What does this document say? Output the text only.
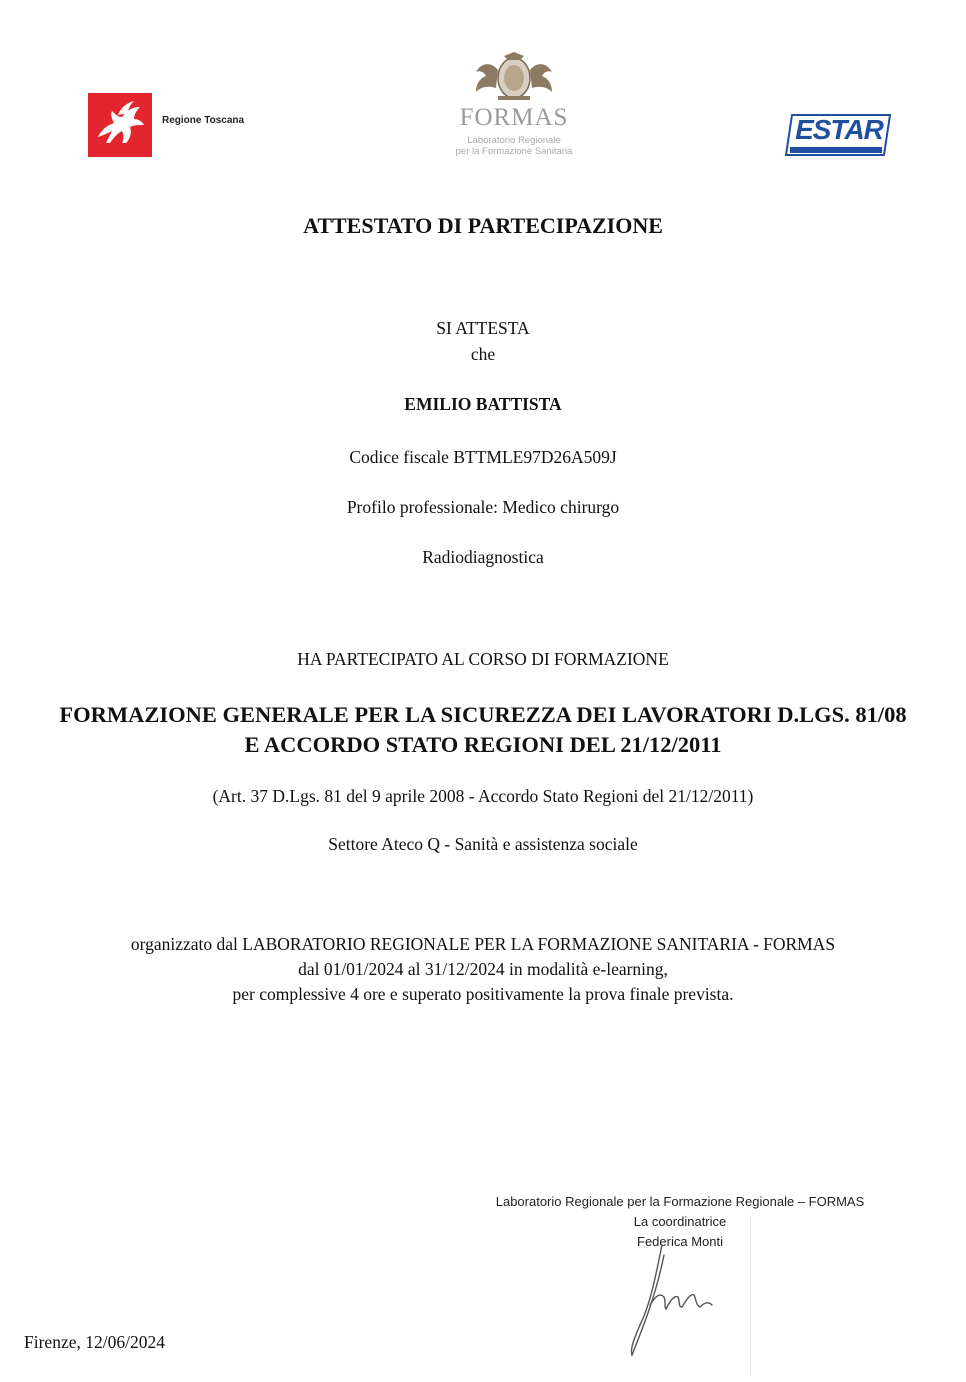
Regione Toscana	FORMAS
Laboratorio Regionale
per la Formazione Sanitaria
ESTAR
ATTESTATO DI PARTECIPAZIONE
SI ATTESTA
che
EMILIO BATTISTA
Codice fiscale BTTMLE97D26A509J
Profilo professionale: Medico chirurgo
Radiodiagnostica
HA PARTECIPATO AL CORSO DI FORMAZIONE
FORMAZIONE GENERALE PER LA SICUREZZA DEI LAVORATORI D.LGS. 81/08
E ACCORDO STATO REGIONI DEL 21/12/2011
(Art. 37 D.Lgs. 81 del 9 aprile 2008 - Accordo Stato Regioni del 21/12/2011)
Settore Ateco Q - Sanità e assistenza sociale
organizzato dal LABORATORIO REGIONALE PER LA FORMAZIONE SANITARIA - FORMAS
dal 01/01/2024 al 31/12/2024 in modalità e-learning,
per complessive 4 ore e superato positivamente la prova finale prevista.
Laboratorio Regionale per la Formazione Regionale – FORMAS
La coordinatrice
Federica Monti
Firenze, 12/06/2024
